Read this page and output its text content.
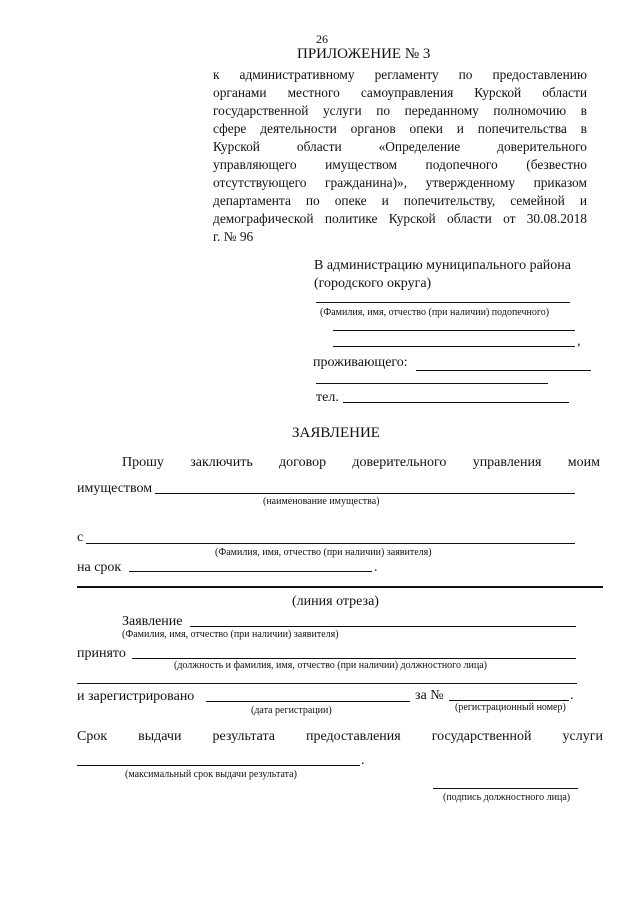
26
ПРИЛОЖЕНИЕ № 3
к административному регламенту по предоставлению
органами местного самоуправления Курской области
государственной услуги по переданному полномочию в
сфере деятельности органов опеки и попечительства в
Курской	области	«Определение	доверительного
управляющего имуществом подопечного (безвестно
отсутствующего гражданина)», утвержденному приказом
департамента по опеке и попечительству, семейной и
демографической политике Курской области от 30.08.2018
г. № 96
В администрацию муниципального района
(городского округа)
(Фамилия, имя, отчество (при наличии) подопечного)
,
проживающего:
тел.
ЗАЯВЛЕНИЕ
Прошу заключить договор доверительного управления моим
имуществом
(наименование имущества)
с
(Фамилия, имя, отчество (при наличии) заявителя)
на срок	.
(линия отреза)
Заявление
(Фамилия, имя, отчество (при наличии) заявителя)
принято
(должность и фамилия, имя, отчество (при наличии) должностного лица)
и зарегистрировано	за №	.
(дата регистрации)	(регистрационный номер)
Срок выдачи результата предоставления государственной услуги
.
(максимальный срок выдачи результата)
(подпись должностного лица)
